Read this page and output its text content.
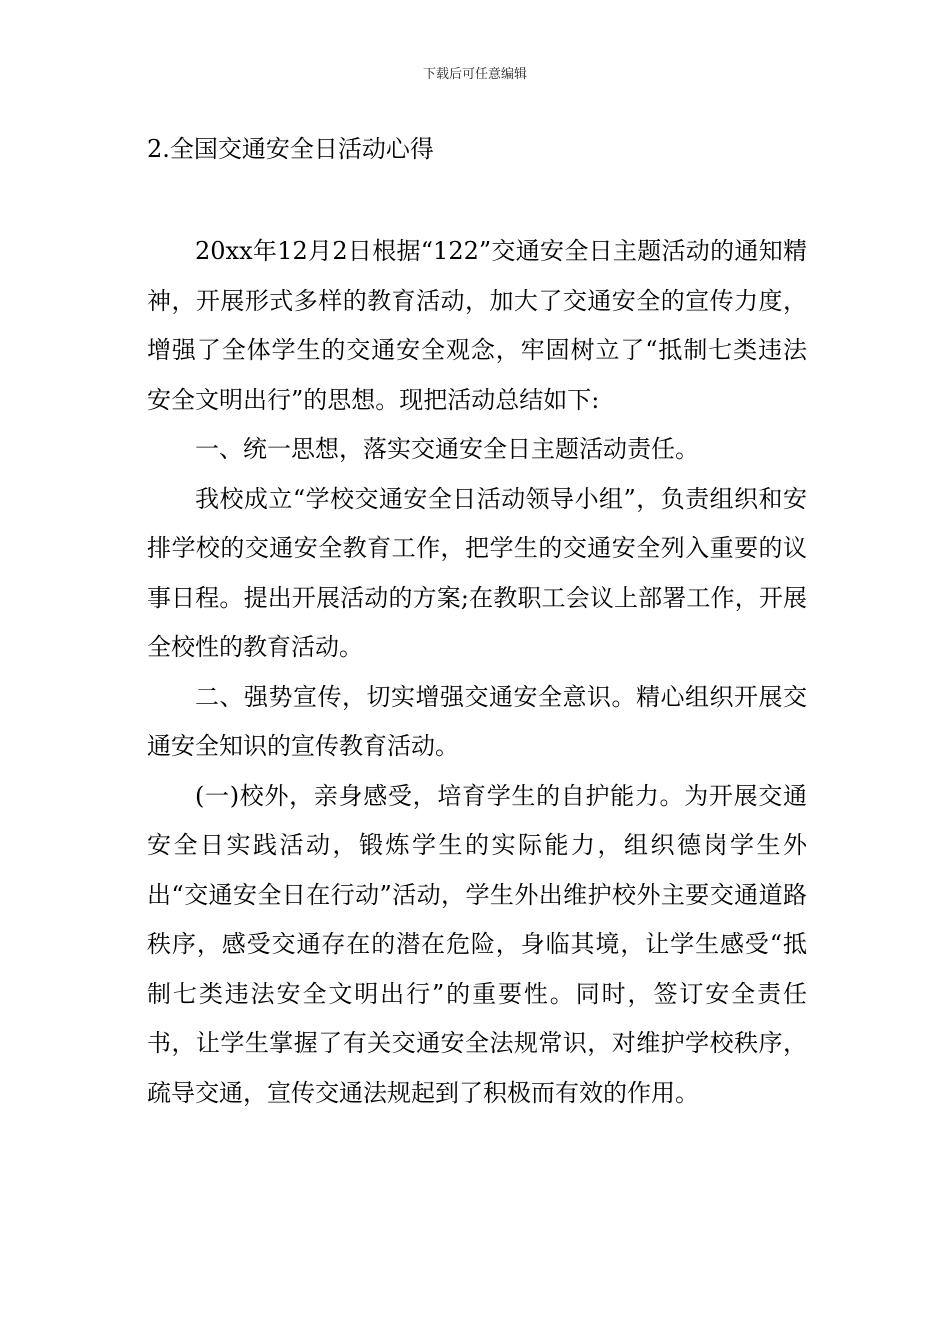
下载后可任意编辑
2.全国交通安全日活动心得

20xx年12月2日根据“122”交通安全日主题活动的通知精神，开展形式多样的教育活动，加大了交通安全的宣传力度，增强了全体学生的交通安全观念，牢固树立了“抵制七类违法安全文明出行”的思想。现把活动总结如下:

一、统一思想，落实交通安全日主题活动责任。

我校成立“学校交通安全日活动领导小组”，负责组织和安排学校的交通安全教育工作，把学生的交通安全列入重要的议事日程。提出开展活动的方案;在教职工会议上部署工作，开展全校性的教育活动。

二、强势宣传，切实增强交通安全意识。精心组织开展交通安全知识的宣传教育活动。

(一)校外，亲身感受，培育学生的自护能力。为开展交通安全日实践活动，锻炼学生的实际能力，组织德岗学生外出“交通安全日在行动”活动，学生外出维护校外主要交通道路秩序，感受交通存在的潜在危险，身临其境，让学生感受“抵制七类违法安全文明出行”的重要性。同时，签订安全责任书，让学生掌握了有关交通安全法规常识，对维护学校秩序，疏导交通，宣传交通法规起到了积极而有效的作用。
